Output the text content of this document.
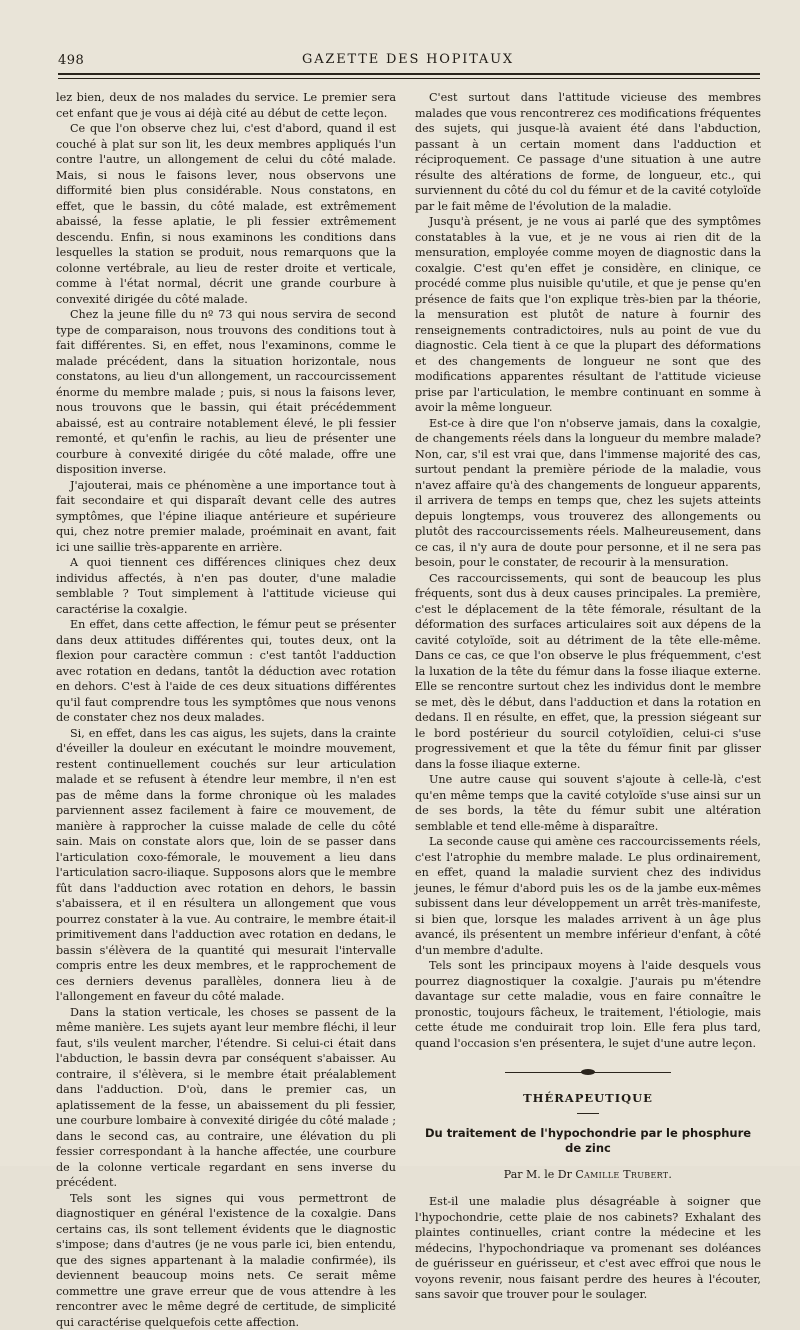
498	GAZETTE DES HOPITAUX

lez bien, deux de nos malades du service. Le premier sera cet enfant que je vous ai déjà cité au début de cette leçon.

Ce que l'on observe chez lui, c'est d'abord, quand il est couché à plat sur son lit, les deux membres appliqués l'un contre l'autre, un allongement de celui du côté malade. Mais, si nous le faisons lever, nous observons une difformité bien plus considérable. Nous constatons, en effet, que le bassin, du côté malade, est extrêmement abaissé, la fesse aplatie, le pli fessier extrêmement descendu. Enfin, si nous examinons les conditions dans lesquelles la station se produit, nous remarquons que la colonne vertébrale, au lieu de rester droite et verticale, comme à l'état normal, décrit une grande courbure à convexité dirigée du côté malade.

Chez la jeune fille du nº 73 qui nous servira de second type de comparaison, nous trouvons des conditions tout à fait différentes. Si, en effet, nous l'examinons, comme le malade précédent, dans la situation horizontale, nous constatons, au lieu d'un allongement, un raccourcissement énorme du membre malade ; puis, si nous la faisons lever, nous trouvons que le bassin, qui était précédemment abaissé, est au contraire notablement élevé, le pli fessier remonté, et qu'enfin le rachis, au lieu de présenter une courbure à convexité dirigée du côté malade, offre une disposition inverse.

J'ajouterai, mais ce phénomène a une importance tout à fait secondaire et qui disparaît devant celle des autres symptômes, que l'épine iliaque antérieure et supérieure qui, chez notre premier malade, proéminait en avant, fait ici une saillie très-apparente en arrière.

A quoi tiennent ces différences cliniques chez deux individus affectés, à n'en pas douter, d'une maladie semblable ? Tout simplement à l'attitude vicieuse qui caractérise la coxalgie.

En effet, dans cette affection, le fémur peut se présenter dans deux attitudes différentes qui, toutes deux, ont la flexion pour caractère commun : c'est tantôt l'adduction avec rotation en dedans, tantôt la déduction avec rotation en dehors. C'est à l'aide de ces deux situations différentes qu'il faut comprendre tous les symptômes que nous venons de constater chez nos deux malades.

Si, en effet, dans les cas aigus, les sujets, dans la crainte d'éveiller la douleur en exécutant le moindre mouvement, restent continuellement couchés sur leur articulation malade et se refusent à étendre leur membre, il n'en est pas de même dans la forme chronique où les malades parviennent assez facilement à faire ce mouvement, de manière à rapprocher la cuisse malade de celle du côté sain. Mais on constate alors que, loin de se passer dans l'articulation coxo-fémorale, le mouvement a lieu dans l'articulation sacro-iliaque. Supposons alors que le membre fût dans l'adduction avec rotation en dehors, le bassin s'abaissera, et il en résultera un allongement que vous pourrez constater à la vue. Au contraire, le membre était-il primitivement dans l'adduction avec rotation en dedans, le bassin s'élèvera de la quantité qui mesurait l'intervalle compris entre les deux membres, et le rapprochement de ces derniers devenus parallèles, donnera lieu à de l'allongement en faveur du côté malade.

Dans la station verticale, les choses se passent de la même manière. Les sujets ayant leur membre fléchi, il leur faut, s'ils veulent marcher, l'étendre. Si celui-ci était dans l'abduction, le bassin devra par conséquent s'abaisser. Au contraire, il s'élèvera, si le membre était préalablement dans l'adduction. D'où, dans le premier cas, un aplatissement de la fesse, un abaissement du pli fessier, une courbure lombaire à convexité dirigée du côté malade ; dans le second cas, au contraire, une élévation du pli fessier correspondant à la hanche affectée, une courbure de la colonne verticale regardant en sens inverse du précédent.

Tels sont les signes qui vous permettront de diagnostiquer en général l'existence de la coxalgie. Dans certains cas, ils sont tellement évidents que le diagnostic s'impose; dans d'autres (je ne vous parle ici, bien entendu, que des signes appartenant à la maladie confirmée), ils deviennent beaucoup moins nets. Ce serait même commettre une grave erreur que de vous attendre à les rencontrer avec le même degré de certitude, de simplicité qui caractérise quelquefois cette affection.

C'est surtout dans l'attitude vicieuse des membres malades que vous rencontrerez ces modifications fréquentes des sujets, qui jusque-là avaient été dans l'abduction, passant à un certain moment dans l'adduction et réciproquement. Ce passage d'une situation à une autre résulte des altérations de forme, de longueur, etc., qui surviennent du côté du col du fémur et de la cavité cotyloïde par le fait même de l'évolution de la maladie.

Jusqu'à présent, je ne vous ai parlé que des symptômes constatables à la vue, et je ne vous ai rien dit de la mensuration, employée comme moyen de diagnostic dans la coxalgie. C'est qu'en effet je considère, en clinique, ce procédé comme plus nuisible qu'utile, et que je pense qu'en présence de faits que l'on explique très-bien par la théorie, la mensuration est plutôt de nature à fournir des renseignements contradictoires, nuls au point de vue du diagnostic. Cela tient à ce que la plupart des déformations et des changements de longueur ne sont que des modifications apparentes résultant de l'attitude vicieuse prise par l'articulation, le membre continuant en somme à avoir la même longueur.

Est-ce à dire que l'on n'observe jamais, dans la coxalgie, de changements réels dans la longueur du membre malade? Non, car, s'il est vrai que, dans l'immense majorité des cas, surtout pendant la première période de la maladie, vous n'avez affaire qu'à des changements de longueur apparents, il arrivera de temps en temps que, chez les sujets atteints depuis longtemps, vous trouverez des allongements ou plutôt des raccourcissements réels. Malheureusement, dans ce cas, il n'y aura de doute pour personne, et il ne sera pas besoin, pour le constater, de recourir à la mensuration.

Ces raccourcissements, qui sont de beaucoup les plus fréquents, sont dus à deux causes principales. La première, c'est le déplacement de la tête fémorale, résultant de la déformation des surfaces articulaires soit aux dépens de la cavité cotyloïde, soit au détriment de la tête elle-même. Dans ce cas, ce que l'on observe le plus fréquemment, c'est la luxation de la tête du fémur dans la fosse iliaque externe. Elle se rencontre surtout chez les individus dont le membre se met, dès le début, dans l'adduction et dans la rotation en dedans. Il en résulte, en effet, que, la pression siégeant sur le bord postérieur du sourcil cotyloïdien, celui-ci s'use progressivement et que la tête du fémur finit par glisser dans la fosse iliaque externe.

Une autre cause qui souvent s'ajoute à celle-là, c'est qu'en même temps que la cavité cotyloïde s'use ainsi sur un de ses bords, la tête du fémur subit une altération semblable et tend elle-même à disparaître.

La seconde cause qui amène ces raccourcissements réels, c'est l'atrophie du membre malade. Le plus ordinairement, en effet, quand la maladie survient chez des individus jeunes, le fémur d'abord puis les os de la jambe eux-mêmes subissent dans leur développement un arrêt très-manifeste, si bien que, lorsque les malades arrivent à un âge plus avancé, ils présentent un membre inférieur d'enfant, à côté d'un membre d'adulte.

Tels sont les principaux moyens à l'aide desquels vous pourrez diagnostiquer la coxalgie. J'aurais pu m'étendre davantage sur cette maladie, vous en faire connaître le pronostic, toujours fâcheux, le traitement, l'étiologie, mais cette étude me conduirait trop loin. Elle fera plus tard, quand l'occasion s'en présentera, le sujet d'une autre leçon.

THÉRAPEUTIQUE
Du traitement de l'hypochondrie par le phosphure de zinc
Par M. le Dr Camille Trubert.

Est-il une maladie plus désagréable à soigner que l'hypochondrie, cette plaie de nos cabinets? Exhalant des plaintes continuelles, criant contre la médecine et les médecins, l'hypochondriaque va promenant ses doléances de guérisseur en guérisseur, et c'est avec effroi que nous le voyons revenir, nous faisant perdre des heures à l'écouter, sans savoir que trouver pour le soulager.
